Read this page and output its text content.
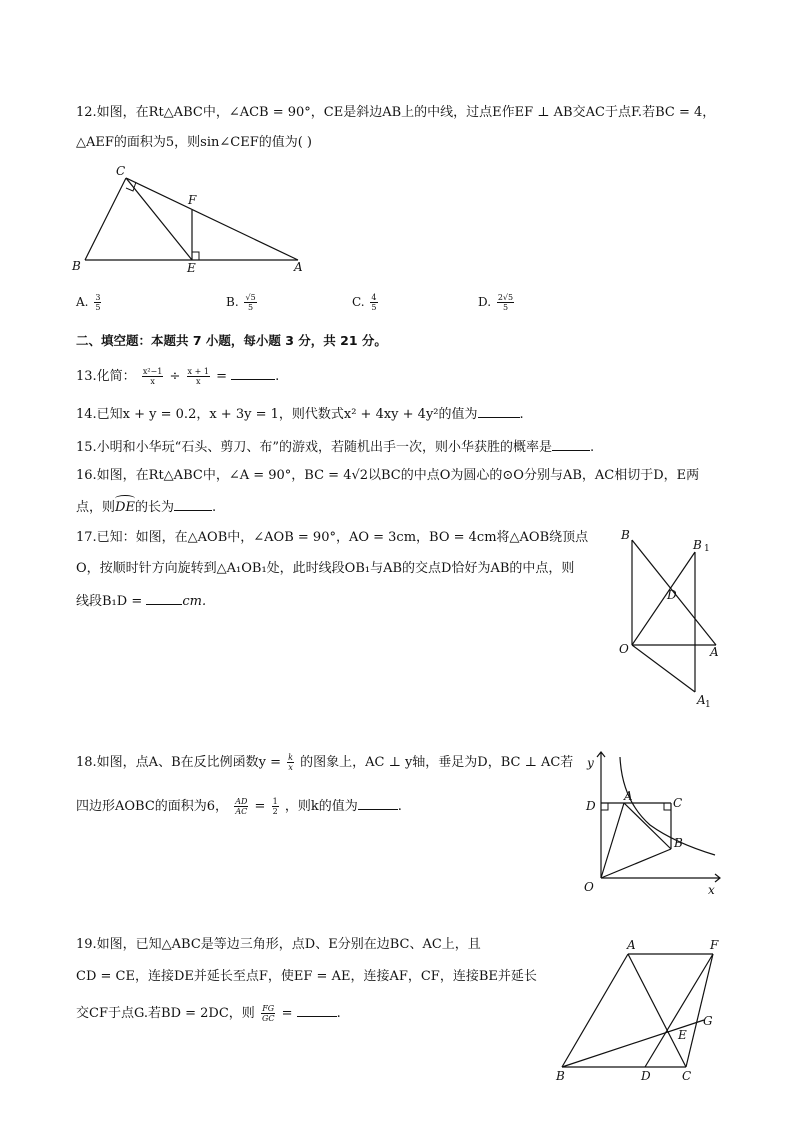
12.如图，在Rt△ABC中，∠ACB = 90°，CE是斜边AB上的中线，过点E作EF ⊥ AB交AC于点F.若BC = 4，
△AEF的面积为5，则sin∠CEF的值为( )
C
F
B	E	A
A. $\frac{3}{5}$	B. $\frac{√5}{5}$	C. $\frac{4}{5}$	D. $\frac{2√5}{5}$
二、填空题：本题共 7 小题，每小题 3 分，共 21 分。
13.化简： $\frac{\text{x²−1}}{x} \div \frac{x + 1}{x}$ =	.
14.已知x + y = 0.2，x + 3y = 1，则代数式x² + 4xy + 4y²的值为	.
15.小明和小华玩“石头、剪刀、布”的游戏，若随机出手一次，则小华获胜的概率是	.
16.如图，在Rt△ABC中，∠A = 90°，BC = 4√2以BC的中点O为圆心的⊙O分别与AB，AC相切于D，E两
点，则DE的长为	.
17.已知：如图，在△AOB中，∠AOB = 90°，AO = 3cm，BO = 4cm将△AOB绕顶点
O，按顺时针方向旋转到△A₁OB₁处，此时线段OB₁与AB的交点D恰好为AB的中点，则
线段B₁D =	cm.
B
B 1
D
O	A
A 1
18.如图，点A、B在反比例函数$y = \frac{k}{x}$ 的图象上，AC ⊥ y轴，垂足为D，BC ⊥ AC若
四边形AOBC的面积为6， $\frac{AD}{AC} = \frac{1}{2}$ ，则k的值为	.
y
D
A	C
B
O	x
19.如图，已知△ABC是等边三角形，点D、E分别在边BC、AC上，且
CD = CE，连接DE并延长至点F，使EF = AE，连接AF，CF，连接BE并延长
交CF于点G.若BD = 2DC，则 $\frac{FG}{GC}$ =	.
A	F
G
E
B	D	C
